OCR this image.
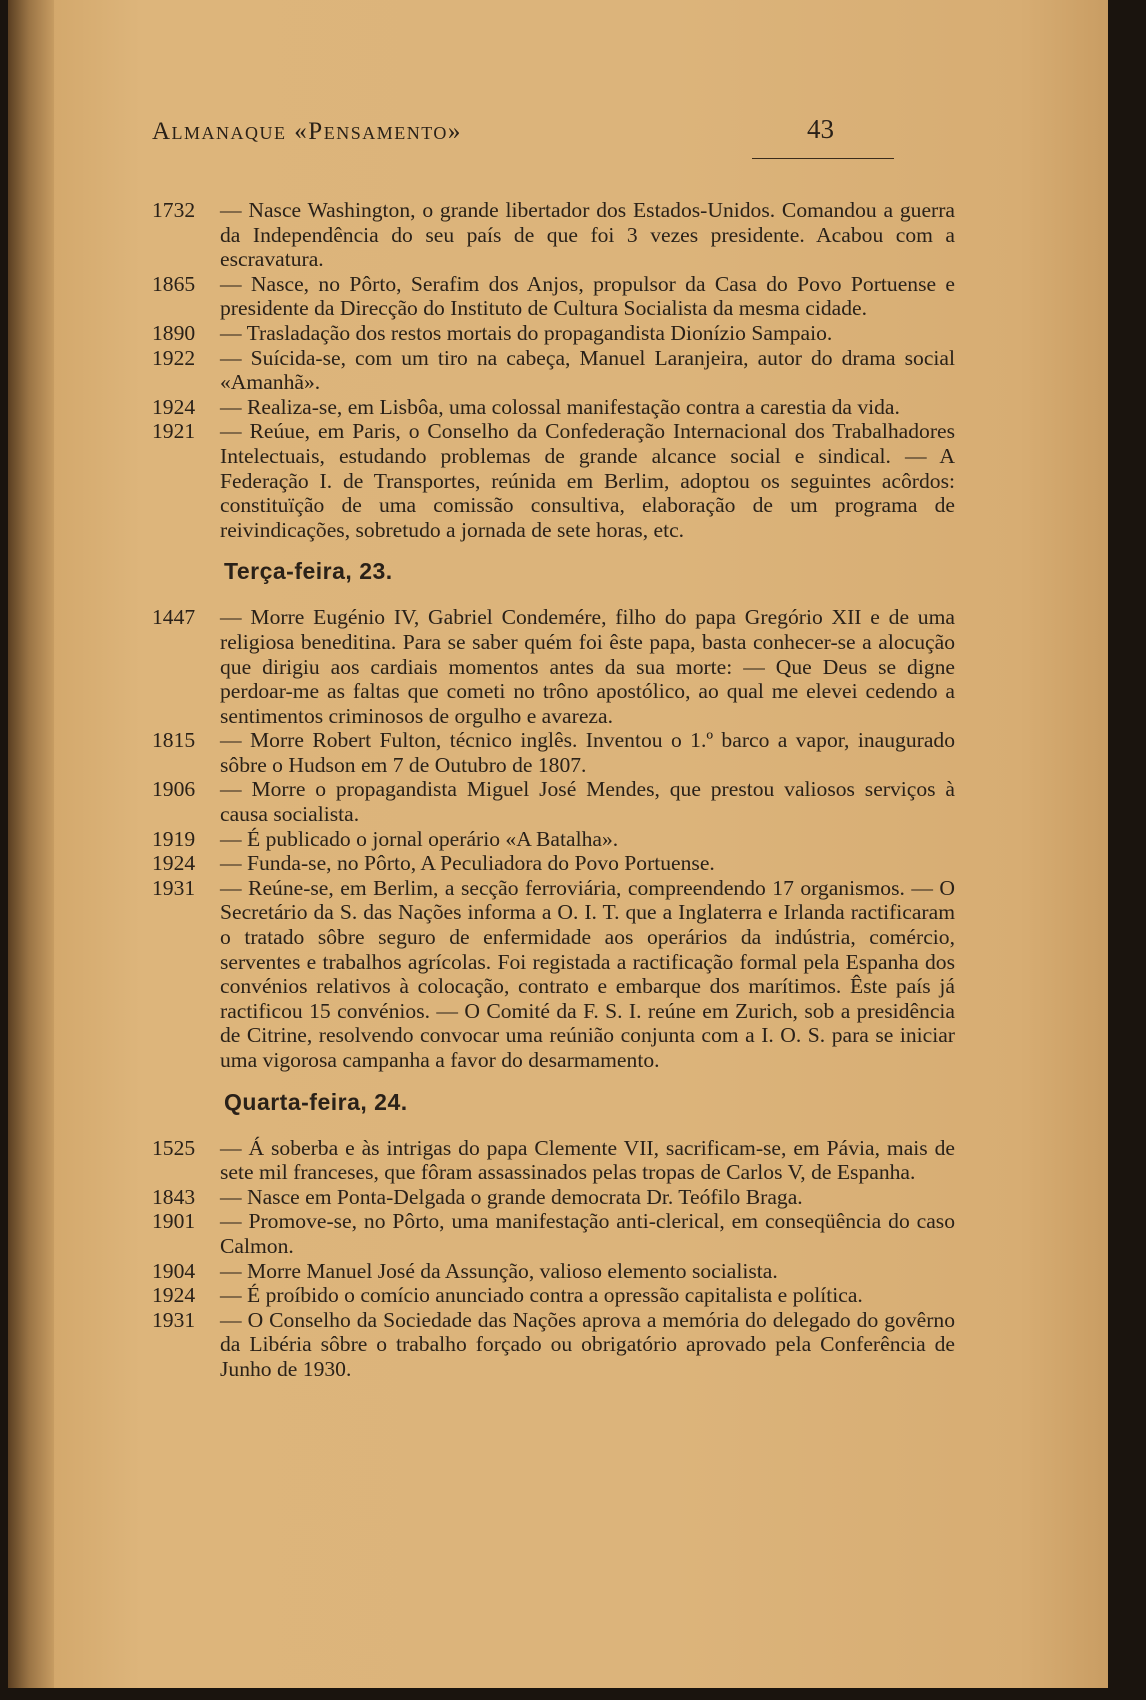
Almanaque «Pensamento»	43
1732 — Nasce Washington, o grande libertador dos Estados-Unidos. Comandou a guerra da Independência do seu país de que foi 3 vezes presidente. Acabou com a escravatura.
1865 — Nasce, no Pôrto, Serafim dos Anjos, propulsor da Casa do Povo Portuense e presidente da Direcção do Instituto de Cultura Socialista da mesma cidade.
1890 — Trasladação dos restos mortais do propagandista Dionízio Sampaio.
1922 — Suícida-se, com um tiro na cabeça, Manuel Laranjeira, autor do drama social «Amanhã».
1924 — Realiza-se, em Lisbôa, uma colossal manifestação contra a carestia da vida.
1921 — Reúue, em Paris, o Conselho da Confederação Internacional dos Trabalhadores Intelectuais, estudando problemas de grande alcance social e sindical. — A Federação I. de Transportes, reúnida em Berlim, adoptou os seguintes acôrdos: constituïção de uma comissão consultiva, elaboração de um programa de reivindicações, sobretudo a jornada de sete horas, etc.
Terça-feira, 23.
1447 — Morre Eugénio IV, Gabriel Condemére, filho do papa Gregório XII e de uma religiosa beneditina. Para se saber quém foi êste papa, basta conhecer-se a alocução que dirigiu aos cardiais momentos antes da sua morte: — Que Deus se digne perdoar-me as faltas que cometi no trôno apostólico, ao qual me elevei cedendo a sentimentos criminosos de orgulho e avareza.
1815 — Morre Robert Fulton, técnico inglês. Inventou o 1.º barco a vapor, inaugurado sôbre o Hudson em 7 de Outubro de 1807.
1906 — Morre o propagandista Miguel José Mendes, que prestou valiosos serviços à causa socialista.
1919 — É publicado o jornal operário «A Batalha».
1924 — Funda-se, no Pôrto, A Peculiadora do Povo Portuense.
1931 — Reúne-se, em Berlim, a secção ferroviária, compreendendo 17 organismos. — O Secretário da S. das Nações informa a O. I. T. que a Inglaterra e Irlanda ractificaram o tratado sôbre seguro de enfermidade aos operários da indústria, comércio, serventes e trabalhos agrícolas. Foi registada a ractificação formal pela Espanha dos convénios relativos à colocação, contrato e embarque dos marítimos. Êste país já ractificou 15 convénios. — O Comité da F. S. I. reúne em Zurich, sob a presidência de Citrine, resolvendo convocar uma reúnião conjunta com a I. O. S. para se iniciar uma vigorosa campanha a favor do desarmamento.
Quarta-feira, 24.
1525 — Á soberba e às intrigas do papa Clemente VII, sacrificam-se, em Pávia, mais de sete mil franceses, que fôram assassinados pelas tropas de Carlos V, de Espanha.
1843 — Nasce em Ponta-Delgada o grande democrata Dr. Teófilo Braga.
1901 — Promove-se, no Pôrto, uma manifestação anti-clerical, em conseqüência do caso Calmon.
1904 — Morre Manuel José da Assunção, valioso elemento socialista.
1924 — É proíbido o comício anunciado contra a opressão capitalista e política.
1931 — O Conselho da Sociedade das Nações aprova a memória do delegado do govêrno da Libéria sôbre o trabalho forçado ou obrigatório aprovado pela Conferência de Junho de 1930.
